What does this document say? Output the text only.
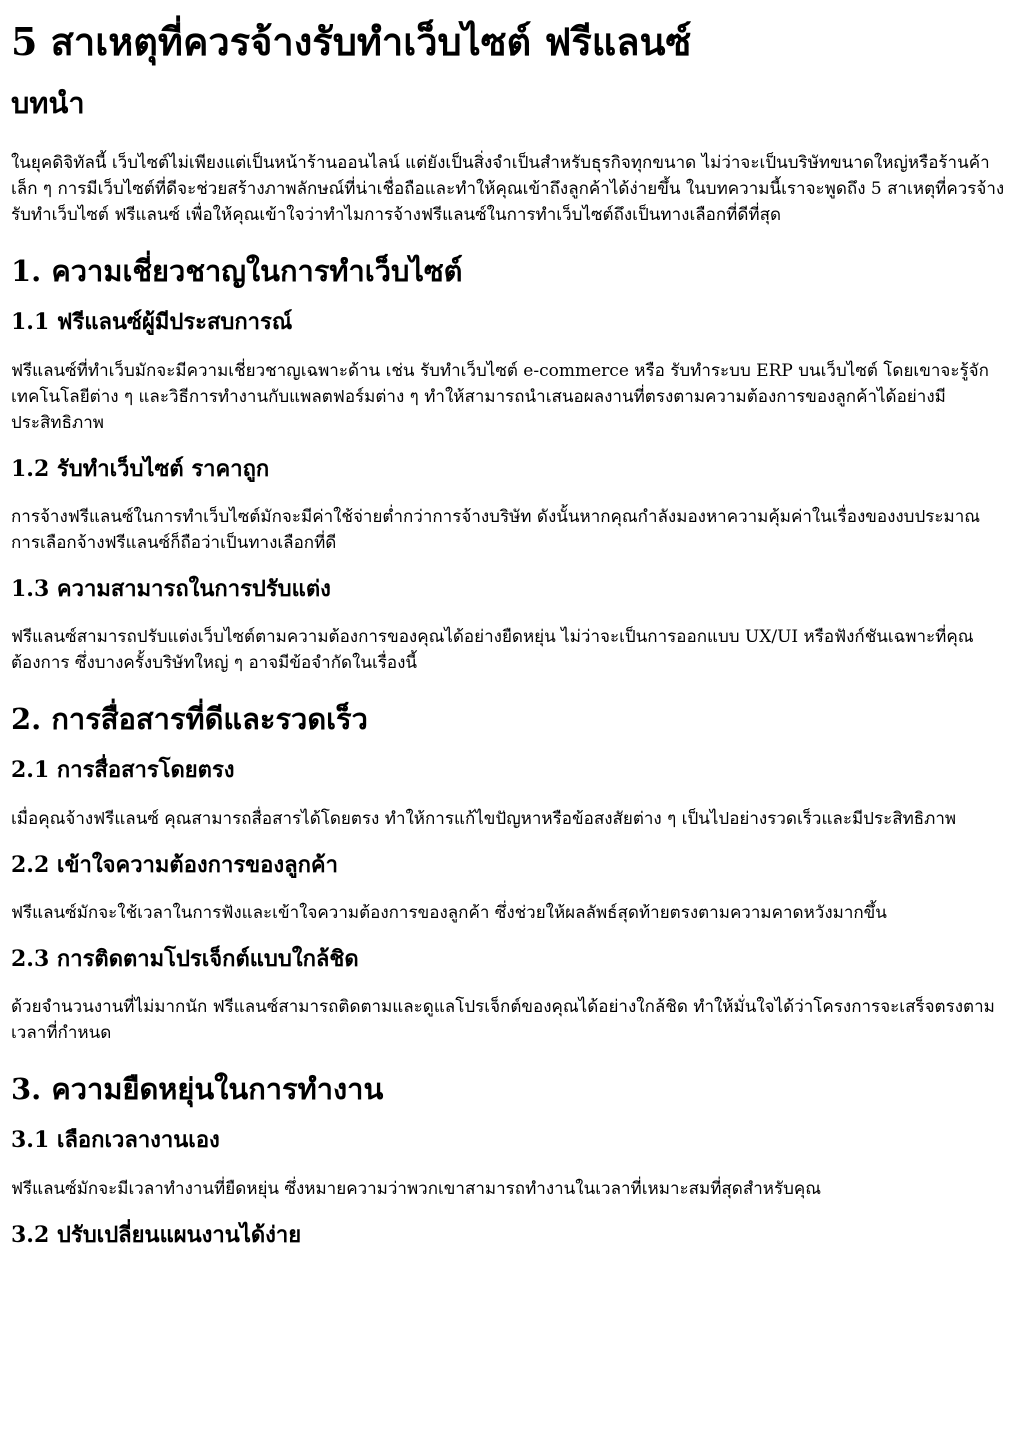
5 สาเหตุที่ควรจ้างรับทำเว็บไซต์ ฟรีแลนซ์
บทนำ

ในยุคดิจิทัลนี้ เว็บไซต์ไม่เพียงแต่เป็นหน้าร้านออนไลน์ แต่ยังเป็นสิ่งจำเป็นสำหรับธุรกิจทุกขนาด ไม่ว่าจะเป็นบริษัทขนาดใหญ่หรือร้านค้าเล็ก ๆ การมีเว็บไซต์ที่ดีจะช่วยสร้างภาพลักษณ์ที่น่าเชื่อถือและทำให้คุณเข้าถึงลูกค้าได้ง่ายขึ้น ในบทความนี้เราจะพูดถึง 5 สาเหตุที่ควรจ้างรับทำเว็บไซต์ ฟรีแลนซ์ เพื่อให้คุณเข้าใจว่าทำไมการจ้างฟรีแลนซ์ในการทำเว็บไซต์ถึงเป็นทางเลือกที่ดีที่สุด

1. ความเชี่ยวชาญในการทำเว็บไซต์
1.1 ฟรีแลนซ์ผู้มีประสบการณ์

ฟรีแลนซ์ที่ทำเว็บมักจะมีความเชี่ยวชาญเฉพาะด้าน เช่น รับทำเว็บไซต์ e-commerce หรือ รับทำระบบ ERP บนเว็บไซต์ โดยเขาจะรู้จักเทคโนโลยีต่าง ๆ และวิธีการทำงานกับแพลตฟอร์มต่าง ๆ ทำให้สามารถนำเสนอผลงานที่ตรงตามความต้องการของลูกค้าได้อย่างมีประสิทธิภาพ

1.2 รับทำเว็บไซต์ ราคาถูก

การจ้างฟรีแลนซ์ในการทำเว็บไซต์มักจะมีค่าใช้จ่ายต่ำกว่าการจ้างบริษัท ดังนั้นหากคุณกำลังมองหาความคุ้มค่าในเรื่องของงบประมาณ การเลือกจ้างฟรีแลนซ์ก็ถือว่าเป็นทางเลือกที่ดี

1.3 ความสามารถในการปรับแต่ง

ฟรีแลนซ์สามารถปรับแต่งเว็บไซต์ตามความต้องการของคุณได้อย่างยืดหยุ่น ไม่ว่าจะเป็นการออกแบบ UX/UI หรือฟังก์ชันเฉพาะที่คุณต้องการ ซึ่งบางครั้งบริษัทใหญ่ ๆ อาจมีข้อจำกัดในเรื่องนี้

2. การสื่อสารที่ดีและรวดเร็ว
2.1 การสื่อสารโดยตรง

เมื่อคุณจ้างฟรีแลนซ์ คุณสามารถสื่อสารได้โดยตรง ทำให้การแก้ไขปัญหาหรือข้อสงสัยต่าง ๆ เป็นไปอย่างรวดเร็วและมีประสิทธิภาพ

2.2 เข้าใจความต้องการของลูกค้า

ฟรีแลนซ์มักจะใช้เวลาในการฟังและเข้าใจความต้องการของลูกค้า ซึ่งช่วยให้ผลลัพธ์สุดท้ายตรงตามความคาดหวังมากขึ้น

2.3 การติดตามโปรเจ็กต์แบบใกล้ชิด

ด้วยจำนวนงานที่ไม่มากนัก ฟรีแลนซ์สามารถติดตามและดูแลโปรเจ็กต์ของคุณได้อย่างใกล้ชิด ทำให้มั่นใจได้ว่าโครงการจะเสร็จตรงตามเวลาที่กำหนด

3. ความยืดหยุ่นในการทำงาน
3.1 เลือกเวลางานเอง

ฟรีแลนซ์มักจะมีเวลาทำงานที่ยืดหยุ่น ซึ่งหมายความว่าพวกเขาสามารถทำงานในเวลาที่เหมาะสมที่สุดสำหรับคุณ

3.2 ปรับเปลี่ยนแผนงานได้ง่าย
